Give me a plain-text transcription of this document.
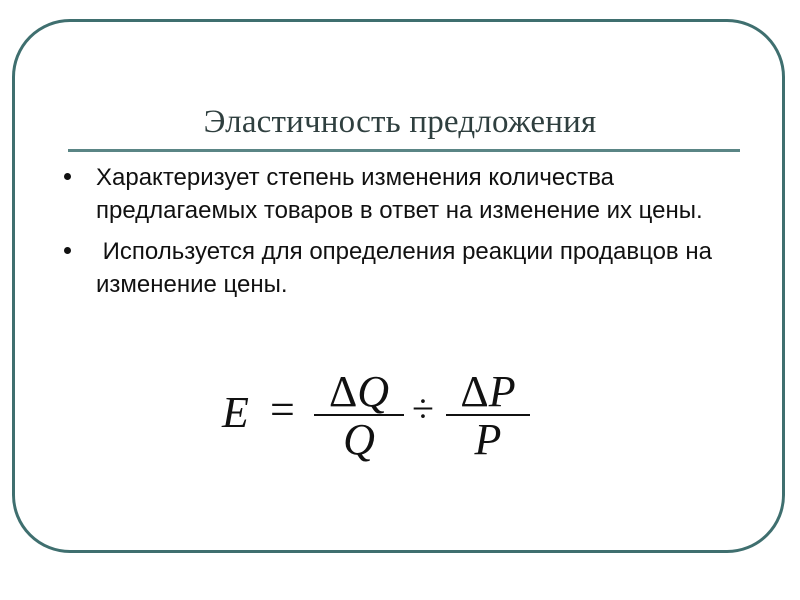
Эластичность предложения
Характеризует степень изменения количества предлагаемых товаров в ответ на изменение их цены.
Используется для определения реакции продавцов на изменение цены.
E = ΔQ
Q
÷ ΔP
P
